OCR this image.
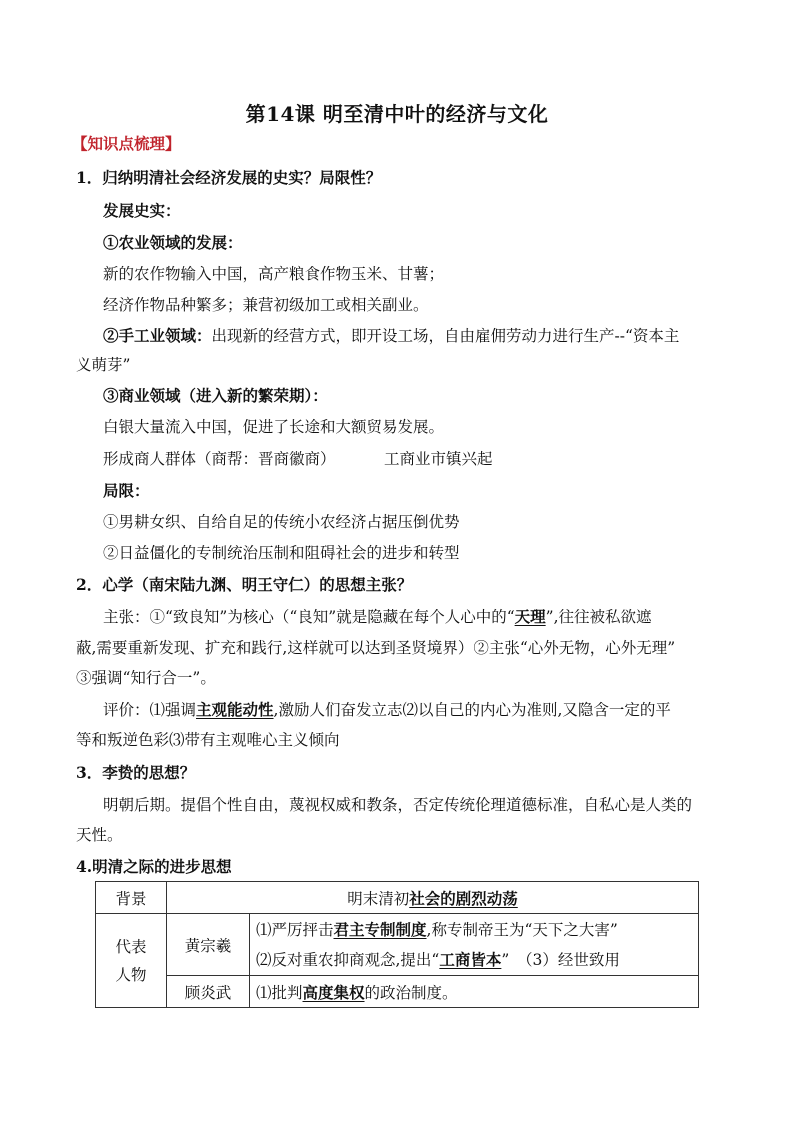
第14课 明至清中叶的经济与文化
【知识点梳理】
1．归纳明清社会经济发展的史实？局限性？
发展史实：
①农业领域的发展：
新的农作物输入中国，高产粮食作物玉米、甘薯；
经济作物品种繁多；兼营初级加工或相关副业。
②手工业领域：出现新的经营方式，即开设工场，自由雇佣劳动力进行生产--“资本主
义萌芽”
③商业领域（进入新的繁荣期）：
白银大量流入中国，促进了长途和大额贸易发展。
形成商人群体（商帮：晋商徽商）	工商业市镇兴起
局限：
①男耕女织、自给自足的传统小农经济占据压倒优势
②日益僵化的专制统治压制和阻碍社会的进步和转型
2．心学（南宋陆九渊、明王守仁）的思想主张？
主张：①“致良知”为核心（“良知”就是隐藏在每个人心中的“天理”,往往被私欲遮
蔽,需要重新发现、扩充和践行,这样就可以达到圣贤境界）②主张“心外无物，心外无理”
③强调“知行合一”。
评价：⑴强调主观能动性,激励人们奋发立志⑵以自己的内心为准则,又隐含一定的平
等和叛逆色彩⑶带有主观唯心主义倾向
3．李贽的思想？
明朝后期。提倡个性自由，蔑视权威和教条，否定传统伦理道德标准，自私心是人类的
天性。
4.明清之际的进步思想
背景	明末清初社会的剧烈动荡	

代表人物	黄宗羲	⑴严厉抨击君主专制制度,称专制帝王为“天下之大害”
⑵反对重农抑商观念,提出“工商皆本”　（3）经世致用

	顾炎武	⑴批判高度集权的政治制度。
